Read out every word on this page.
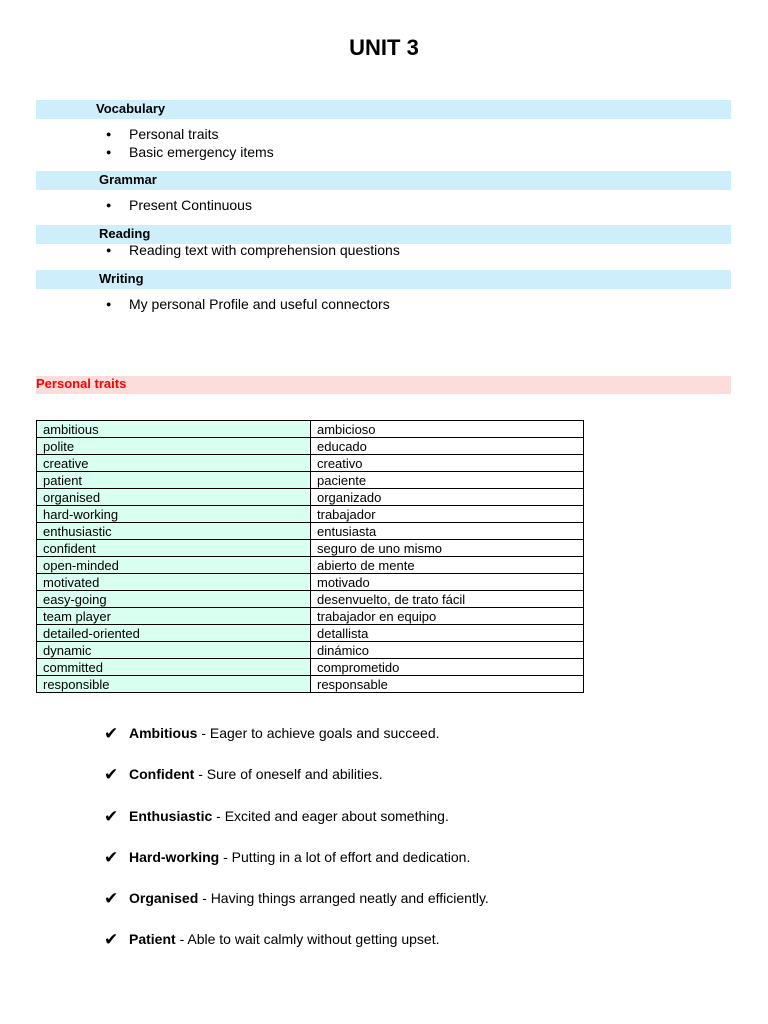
UNIT 3
Vocabulary
● Personal traits
● Basic emergency items
Grammar
● Present Continuous
Reading
● Reading text with comprehension questions
Writing
● My personal Profile and useful connectors
Personal traits
ambitious	ambicioso
polite	educado
creative	creativo
patient	paciente
organised	organizado
hard-working	trabajador
enthusiastic	entusiasta
confident	seguro de uno mismo
open-minded	abierto de mente
motivated	motivado
easy-going	desenvuelto, de trato fácil
team player	trabajador en equipo
detailed-oriented	detallista
dynamic	dinámico
committed	comprometido
responsible	responsable
✔ Ambitious - Eager to achieve goals and succeed.
✔ Confident - Sure of oneself and abilities.
✔ Enthusiastic - Excited and eager about something.
✔ Hard-working - Putting in a lot of effort and dedication.
✔ Organised - Having things arranged neatly and efficiently.
✔ Patient - Able to wait calmly without getting upset.
